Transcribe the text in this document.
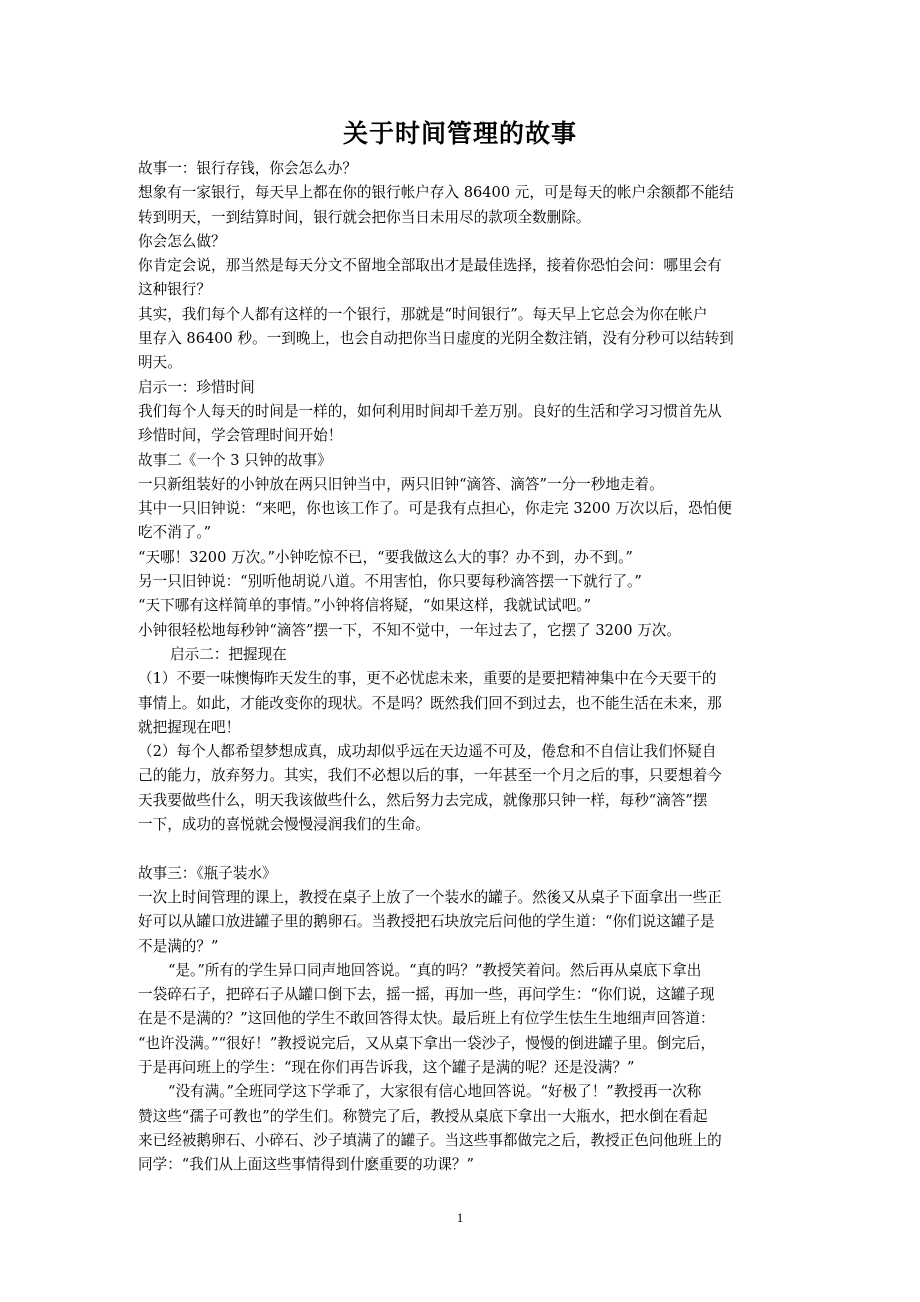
关于时间管理的故事
故事一：银行存钱，你会怎么办？
想象有一家银行，每天早上都在你的银行帐户存入 86400 元，可是每天的帐户余额都不能结
转到明天，一到结算时间，银行就会把你当日未用尽的款项全数删除。
你会怎么做？
你肯定会说，那当然是每天分文不留地全部取出才是最佳选择，接着你恐怕会问：哪里会有
这种银行？
其实，我们每个人都有这样的一个银行，那就是“时间银行”。每天早上它总会为你在帐户
里存入 86400 秒。一到晚上，也会自动把你当日虚度的光阴全数注销，没有分秒可以结转到
明天。
启示一：珍惜时间
我们每个人每天的时间是一样的，如何利用时间却千差万别。良好的生活和学习习惯首先从
珍惜时间，学会管理时间开始！
故事二《一个 3 只钟的故事》
一只新组装好的小钟放在两只旧钟当中，两只旧钟“滴答、滴答”一分一秒地走着。
其中一只旧钟说：“来吧，你也该工作了。可是我有点担心，你走完 3200 万次以后，恐怕便
吃不消了。”
“天哪！3200 万次。”小钟吃惊不已，“要我做这么大的事？办不到，办不到。”
另一只旧钟说：“别听他胡说八道。不用害怕，你只要每秒滴答摆一下就行了。”
“天下哪有这样简单的事情。”小钟将信将疑，“如果这样，我就试试吧。”
小钟很轻松地每秒钟“滴答”摆一下，不知不觉中，一年过去了，它摆了 3200 万次。
启示二：把握现在
（1）不要一味懊悔昨天发生的事，更不必忧虑未来，重要的是要把精神集中在今天要干的
事情上。如此，才能改变你的现状。不是吗？既然我们回不到过去，也不能生活在未来，那
就把握现在吧！
（2）每个人都希望梦想成真，成功却似乎远在天边遥不可及，倦怠和不自信让我们怀疑自
己的能力，放弃努力。其实，我们不必想以后的事，一年甚至一个月之后的事，只要想着今
天我要做些什么，明天我该做些什么，然后努力去完成，就像那只钟一样，每秒“滴答”摆
一下，成功的喜悦就会慢慢浸润我们的生命。
故事三：《瓶子装水》
一次上时间管理的课上，教授在桌子上放了一个装水的罐子。然後又从桌子下面拿出一些正
好可以从罐口放进罐子里的鹅卵石。当教授把石块放完后问他的学生道：“你们说这罐子是
不是满的？”
“是。”所有的学生异口同声地回答说。“真的吗？”教授笑着问。然后再从桌底下拿出
一袋碎石子，把碎石子从罐口倒下去，摇一摇，再加一些，再问学生：“你们说，这罐子现
在是不是满的？”这回他的学生不敢回答得太快。最后班上有位学生怯生生地细声回答道：
“也许没满。”“很好！”教授说完后，又从桌下拿出一袋沙子，慢慢的倒进罐子里。倒完后，
于是再问班上的学生：“现在你们再告诉我，这个罐子是满的呢？还是没满？”
“没有满。”全班同学这下学乖了，大家很有信心地回答说。“好极了！”教授再一次称
赞这些“孺子可教也”的学生们。称赞完了后，教授从桌底下拿出一大瓶水，把水倒在看起
来已经被鹅卵石、小碎石、沙子填满了的罐子。当这些事都做完之后，教授正色问他班上的
同学：“我们从上面这些事情得到什麽重要的功课？”
1
